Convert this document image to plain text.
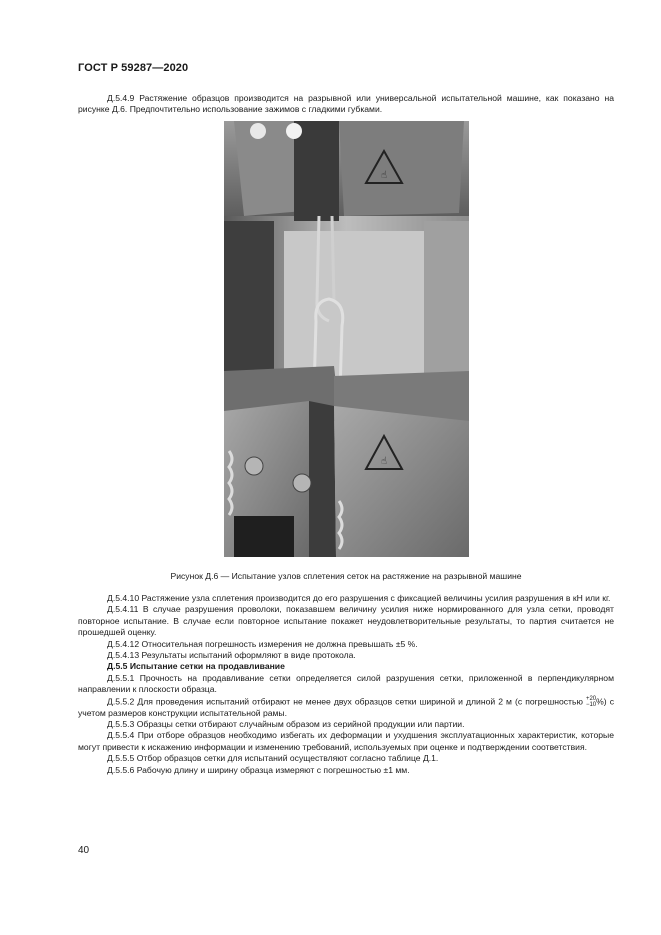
ГОСТ Р 59287—2020

Д.5.4.9 Растяжение образцов производится на разрывной или универсальной испытательной машине, как показано на рисунке Д.6. Предпочтительно использование зажимов с гладкими губками.

☝
☝
Рисунок Д.6 — Испытание узлов сплетения сеток на растяжение на разрывной машине

Д.5.4.10 Растяжение узла сплетения производится до его разрушения с фиксацией величины усилия разрушения в кН или кг.

Д.5.4.11 В случае разрушения проволоки, показавшем величину усилия ниже нормированного для узла сетки, проводят повторное испытание. В случае если повторное испытание покажет неудовлетворительные результаты, то партия считается не прошедшей оценку.

Д.5.4.12 Относительная погрешность измерения не должна превышать ±5 %.

Д.5.4.13 Результаты испытаний оформляют в виде протокола.

Д.5.5 Испытание сетки на продавливание

Д.5.5.1 Прочность на продавливание сетки определяется силой разрушения сетки, приложенной в перпендикулярном направлении к плоскости образца.

Д.5.5.2 Для проведения испытаний отбирают не менее двух образцов сетки шириной и длиной 2 м (с погрешностью +20
−10 %) с учетом размеров конструкции испытательной рамы.

Д.5.5.3 Образцы сетки отбирают случайным образом из серийной продукции или партии.

Д.5.5.4 При отборе образцов необходимо избегать их деформации и ухудшения эксплуатационных характеристик, которые могут привести к искажению информации и изменению требований, используемых при оценке и подтверждении соответствия.

Д.5.5.5 Отбор образцов сетки для испытаний осуществляют согласно таблице Д.1.

Д.5.5.6 Рабочую длину и ширину образца измеряют с погрешностью ±1 мм.

40
